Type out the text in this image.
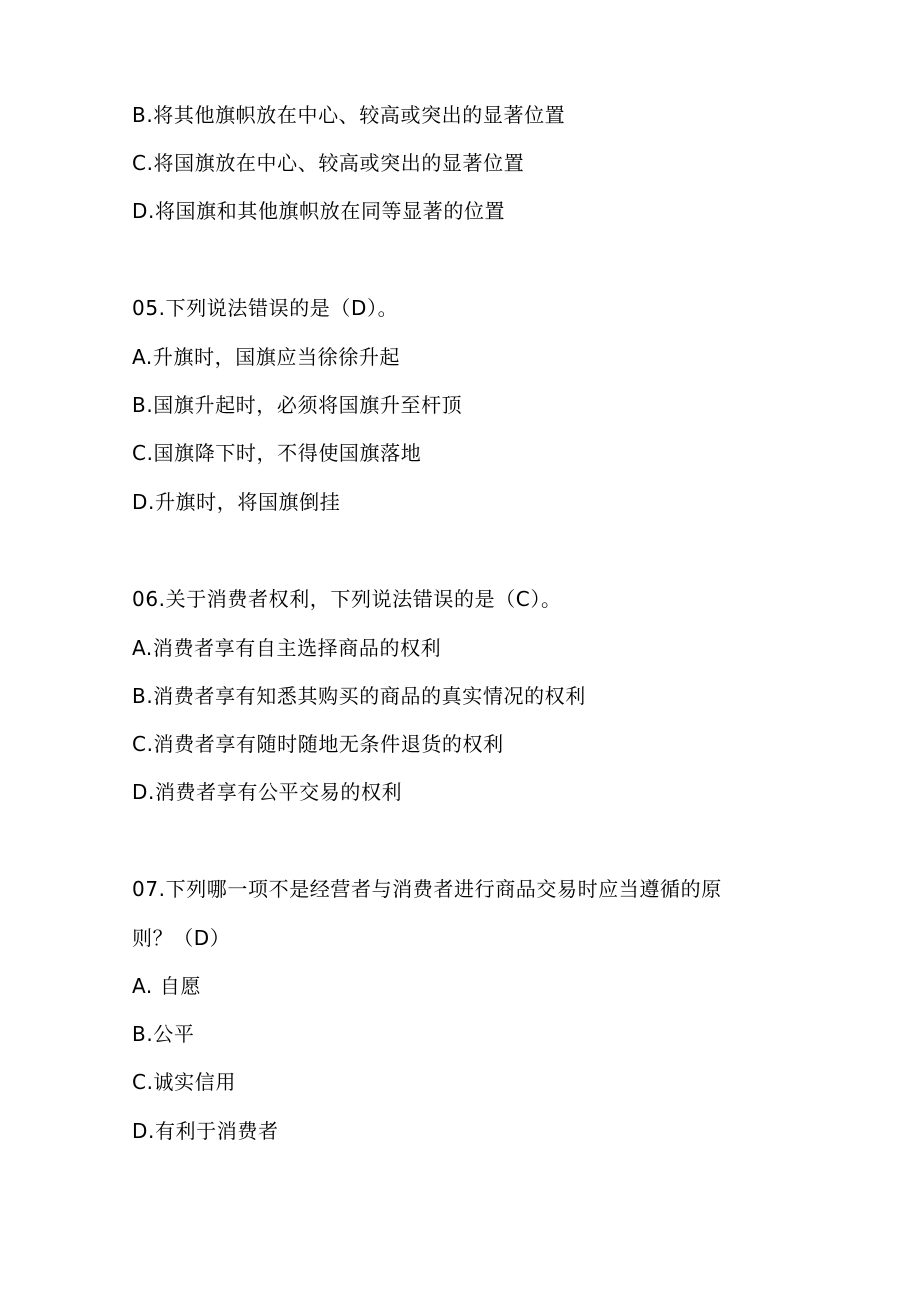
B.将其他旗帜放在中心、较高或突出的显著位置
C.将国旗放在中心、较高或突出的显著位置
D.将国旗和其他旗帜放在同等显著的位置
05.下列说法错误的是（D）。
A.升旗时，国旗应当徐徐升起
B.国旗升起时，必须将国旗升至杆顶
C.国旗降下时，不得使国旗落地
D.升旗时，将国旗倒挂
06.关于消费者权利，下列说法错误的是（C）。
A.消费者享有自主选择商品的权利
B.消费者享有知悉其购买的商品的真实情况的权利
C.消费者享有随时随地无条件退货的权利
D.消费者享有公平交易的权利
07.下列哪一项不是经营者与消费者进行商品交易时应当遵循的原
则？（D）
A. 自愿
B.公平
C.诚实信用
D.有利于消费者
